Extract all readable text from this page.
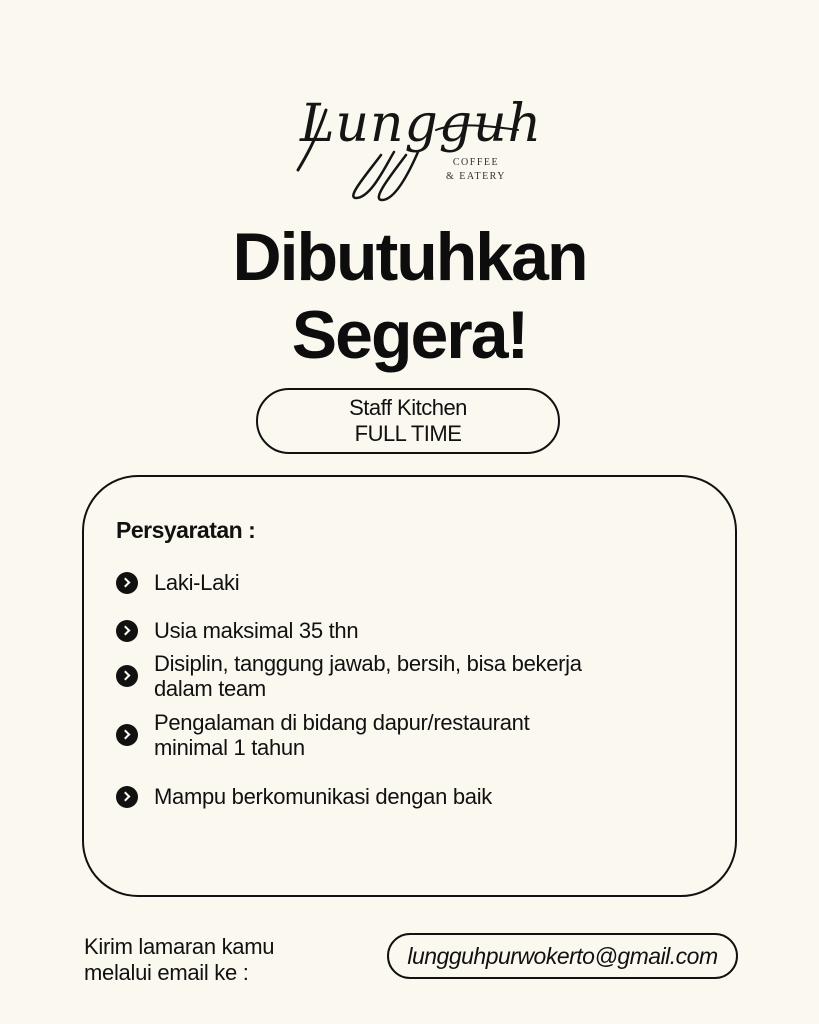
Lungguh
COFFEE
& EATERY
Dibutuhkan
Segera!
Staff Kitchen
FULL TIME
Persyaratan :
Laki-Laki
Usia maksimal 35 thn
Disiplin, tanggung jawab, bersih, bisa bekerja
dalam team
Pengalaman di bidang dapur/restaurant
minimal 1 tahun
Mampu berkomunikasi dengan baik
Kirim lamaran kamu
melalui email ke :
lungguhpurwokerto@gmail.com
